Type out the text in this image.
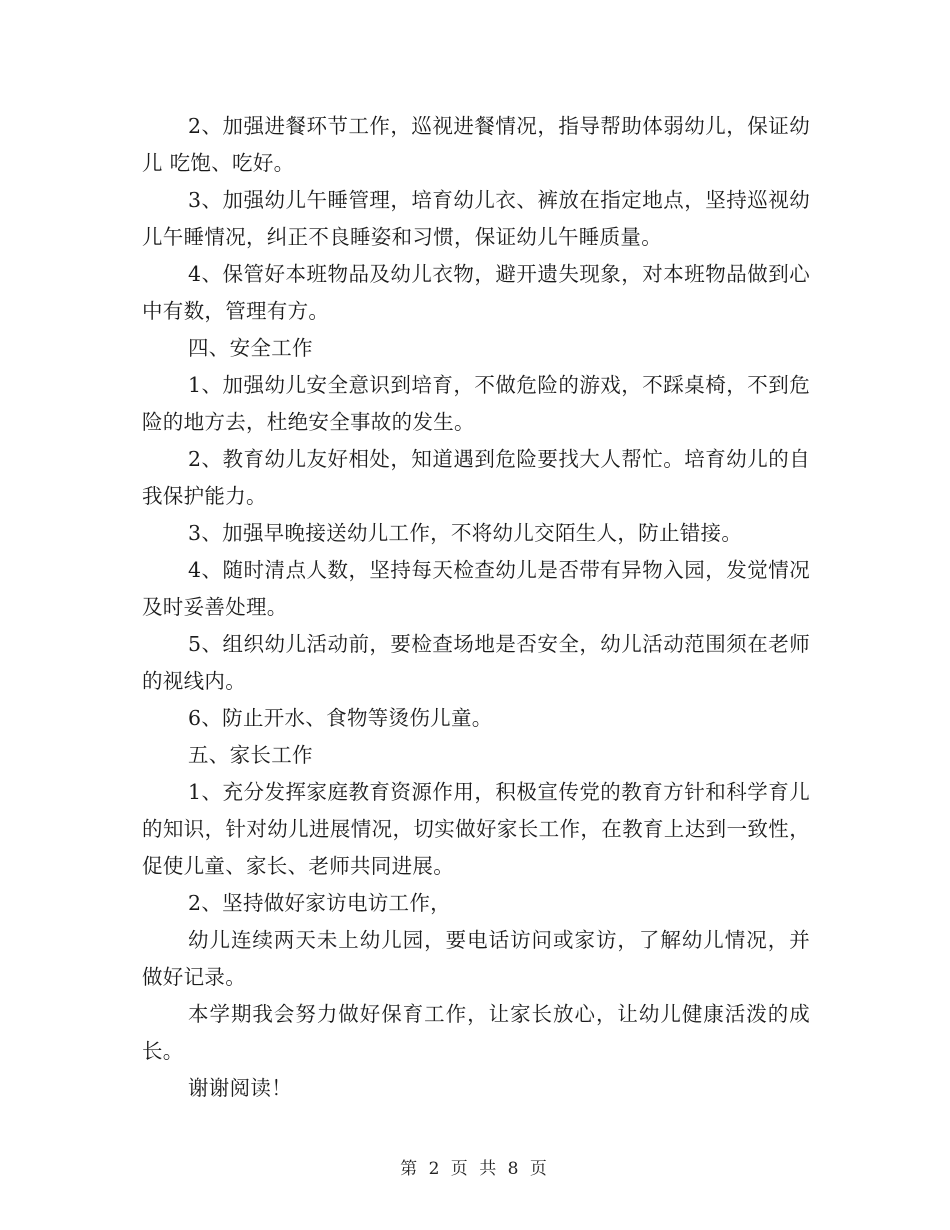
2、加强进餐环节工作，巡视进餐情况，指导帮助体弱幼儿，保证幼儿 吃饱、吃好。

3、加强幼儿午睡管理，培育幼儿衣、裤放在指定地点，坚持巡视幼儿午睡情况，纠正不良睡姿和习惯，保证幼儿午睡质量。

4、保管好本班物品及幼儿衣物，避开遗失现象，对本班物品做到心中有数，管理有方。

四、安全工作

1、加强幼儿安全意识到培育，不做危险的游戏，不踩桌椅，不到危险的地方去，杜绝安全事故的发生。

2、教育幼儿友好相处，知道遇到危险要找大人帮忙。培育幼儿的自我保护能力。

3、加强早晚接送幼儿工作，不将幼儿交陌生人，防止错接。

4、随时清点人数，坚持每天检查幼儿是否带有异物入园，发觉情况及时妥善处理。

5、组织幼儿活动前，要检查场地是否安全，幼儿活动范围须在老师的视线内。

6、防止开水、食物等烫伤儿童。

五、家长工作

1、充分发挥家庭教育资源作用，积极宣传党的教育方针和科学育儿的知识，针对幼儿进展情况，切实做好家长工作，在教育上达到一致性，促使儿童、家长、老师共同进展。

2、坚持做好家访电访工作，

幼儿连续两天未上幼儿园，要电话访问或家访，了解幼儿情况，并做好记录。

本学期我会努力做好保育工作，让家长放心，让幼儿健康活泼的成长。

谢谢阅读！

第 2 页 共 8 页
